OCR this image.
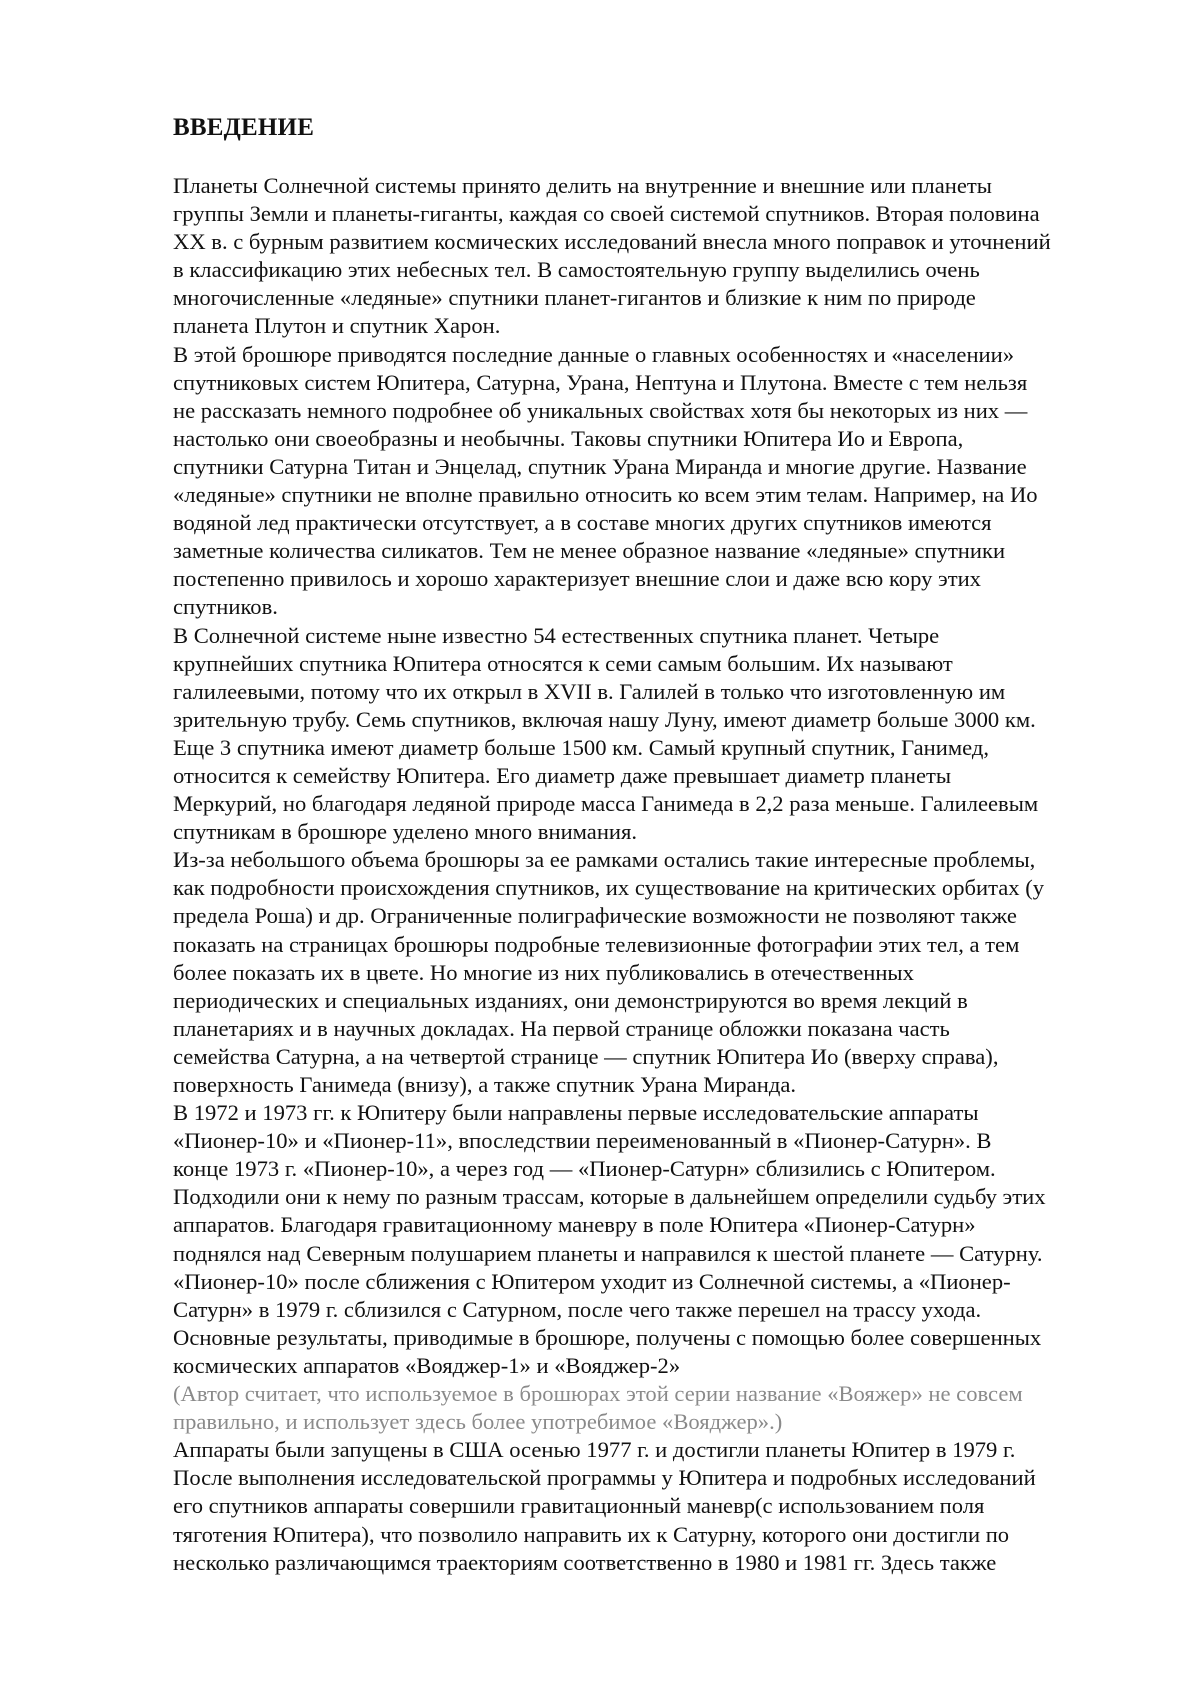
ВВЕДЕНИЕ
Планеты Солнечной системы принято делить на внутренние и внешние или планеты
группы Земли и планеты-гиганты, каждая со своей системой спутников. Вторая половина
XX в. с бурным развитием космических исследований внесла много поправок и уточнений
в классификацию этих небесных тел. В самостоятельную группу выделились очень
многочисленные «ледяные» спутники планет-гигантов и близкие к ним по природе
планета Плутон и спутник Харон.
В этой брошюре приводятся последние данные о главных особенностях и «населении»
спутниковых систем Юпитера, Сатурна, Урана, Нептуна и Плутона. Вместе с тем нельзя
не рассказать немного подробнее об уникальных свойствах хотя бы некоторых из них —
настолько они своеобразны и необычны. Таковы спутники Юпитера Ио и Европа,
спутники Сатурна Титан и Энцелад, спутник Урана Миранда и многие другие. Название
«ледяные» спутники не вполне правильно относить ко всем этим телам. Например, на Ио
водяной лед практически отсутствует, а в составе многих других спутников имеются
заметные количества силикатов. Тем не менее образное название «ледяные» спутники
постепенно привилось и хорошо характеризует внешние слои и даже всю кору этих
спутников.
В Солнечной системе ныне известно 54 естественных спутника планет. Четыре
крупнейших спутника Юпитера относятся к семи самым большим. Их называют
галилеевыми, потому что их открыл в XVII в. Галилей в только что изготовленную им
зрительную трубу. Семь спутников, включая нашу Луну, имеют диаметр больше 3000 км.
Еще 3 спутника имеют диаметр больше 1500 км. Самый крупный спутник, Ганимед,
относится к семейству Юпитера. Его диаметр даже превышает диаметр планеты
Меркурий, но благодаря ледяной природе масса Ганимеда в 2,2 раза меньше. Галилеевым
спутникам в брошюре уделено много внимания.
Из-за небольшого объема брошюры за ее рамками остались такие интересные проблемы,
как подробности происхождения спутников, их существование на критических орбитах (у
предела Роша) и др. Ограниченные полиграфические возможности не позволяют также
показать на страницах брошюры подробные телевизионные фотографии этих тел, а тем
более показать их в цвете. Но многие из них публиковались в отечественных
периодических и специальных изданиях, они демонстрируются во время лекций в
планетариях и в научных докладах. На первой странице обложки показана часть
семейства Сатурна, а на четвертой странице — спутник Юпитера Ио (вверху справа),
поверхность Ганимеда (внизу), а также спутник Урана Миранда.
В 1972 и 1973 гг. к Юпитеру были направлены первые исследовательские аппараты
«Пионер-10» и «Пионер-11», впоследствии переименованный в «Пионер-Сатурн». В
конце 1973 г. «Пионер-10», а через год — «Пионер-Сатурн» сблизились с Юпитером.
Подходили они к нему по разным трассам, которые в дальнейшем определили судьбу этих
аппаратов. Благодаря гравитационному маневру в поле Юпитера «Пионер-Сатурн»
поднялся над Северным полушарием планеты и направился к шестой планете — Сатурну.
«Пионер-10» после сближения с Юпитером уходит из Солнечной системы, а «Пионер-
Сатурн» в 1979 г. сблизился с Сатурном, после чего также перешел на трассу ухода.
Основные результаты, приводимые в брошюре, получены с помощью более совершенных
космических аппаратов «Вояджер-1» и «Вояджер-2»
(Автор считает, что используемое в брошюрах этой серии название «Вояжер» не совсем
правильно, и использует здесь более употребимое «Вояджер».)
Аппараты были запущены в США осенью 1977 г. и достигли планеты Юпитер в 1979 г.
После выполнения исследовательской программы у Юпитера и подробных исследований
его спутников аппараты совершили гравитационный маневр(с использованием поля
тяготения Юпитера), что позволило направить их к Сатурну, которого они достигли по
несколько различающимся траекториям соответственно в 1980 и 1981 гг. Здесь также
